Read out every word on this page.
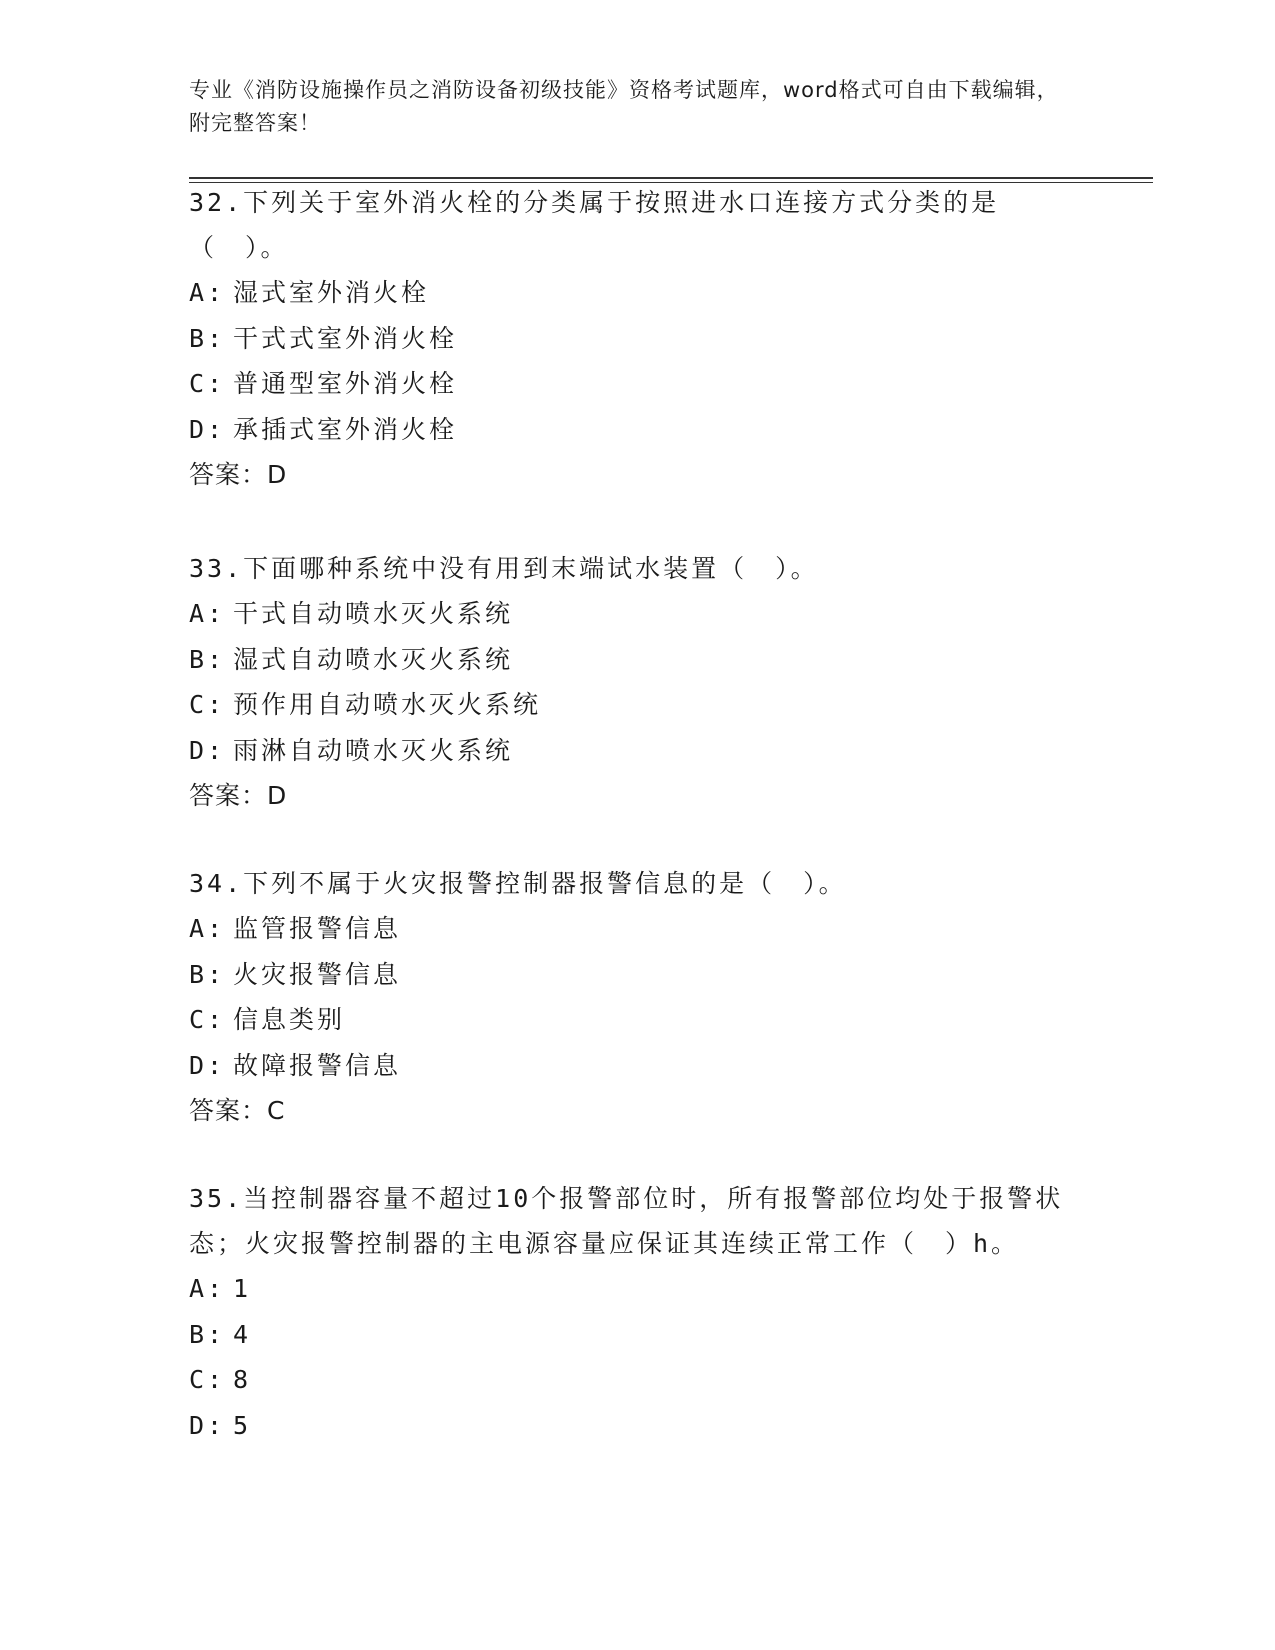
专业《消防设施操作员之消防设备初级技能》资格考试题库，word格式可自由下载编辑，附完整答案！

32.下列关于室外消火栓的分类属于按照进水口连接方式分类的是（　）。

A: 湿式室外消火栓

B: 干式式室外消火栓

C: 普通型室外消火栓

D: 承插式室外消火栓

答案：D

33.下面哪种系统中没有用到末端试水装置（　）。

A: 干式自动喷水灭火系统

B: 湿式自动喷水灭火系统

C: 预作用自动喷水灭火系统

D: 雨淋自动喷水灭火系统

答案：D

34.下列不属于火灾报警控制器报警信息的是（　）。

A: 监管报警信息

B: 火灾报警信息

C: 信息类别

D: 故障报警信息

答案：C

35.当控制器容量不超过10个报警部位时，所有报警部位均处于报警状态；火灾报警控制器的主电源容量应保证其连续正常工作（　）h。

A: 1

B: 4

C: 8

D: 5
